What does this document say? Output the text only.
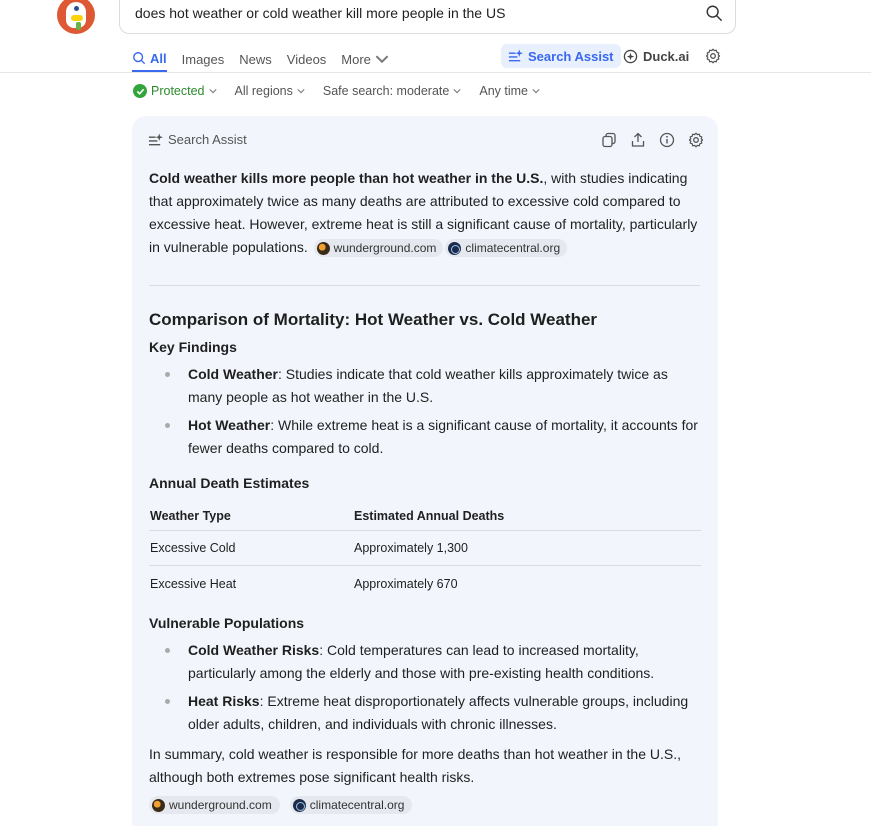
does hot weather or cold weather kill more people in the US
All Images News Videos More	Search Assist Duck.ai
Protected All regions Safe search: moderate Any time
Search Assist

Cold weather kills more people than hot weather in the U.S., with studies indicating that approximately twice as many deaths are attributed to excessive cold compared to excessive heat. However, extreme heat is still a significant cause of mortality, particularly in vulnerable populations. wunderground.com climatecentral.org

Comparison of Mortality: Hot Weather vs. Cold Weather
Key Findings
Cold Weather: Studies indicate that cold weather kills approximately twice as many people as hot weather in the U.S.
Hot Weather: While extreme heat is a significant cause of mortality, it accounts for fewer deaths compared to cold.
Annual Death Estimates
Weather Type	Estimated Annual Deaths
Excessive Cold	Approximately 1,300
Excessive Heat	Approximately 670
Vulnerable Populations
Cold Weather Risks: Cold temperatures can lead to increased mortality, particularly among the elderly and those with pre-existing health conditions.
Heat Risks: Extreme heat disproportionately affects vulnerable groups, including older adults, children, and individuals with chronic illnesses.

In summary, cold weather is responsible for more deaths than hot weather in the U.S., although both extremes pose significant health risks.

wunderground.com	climatecentral.org
